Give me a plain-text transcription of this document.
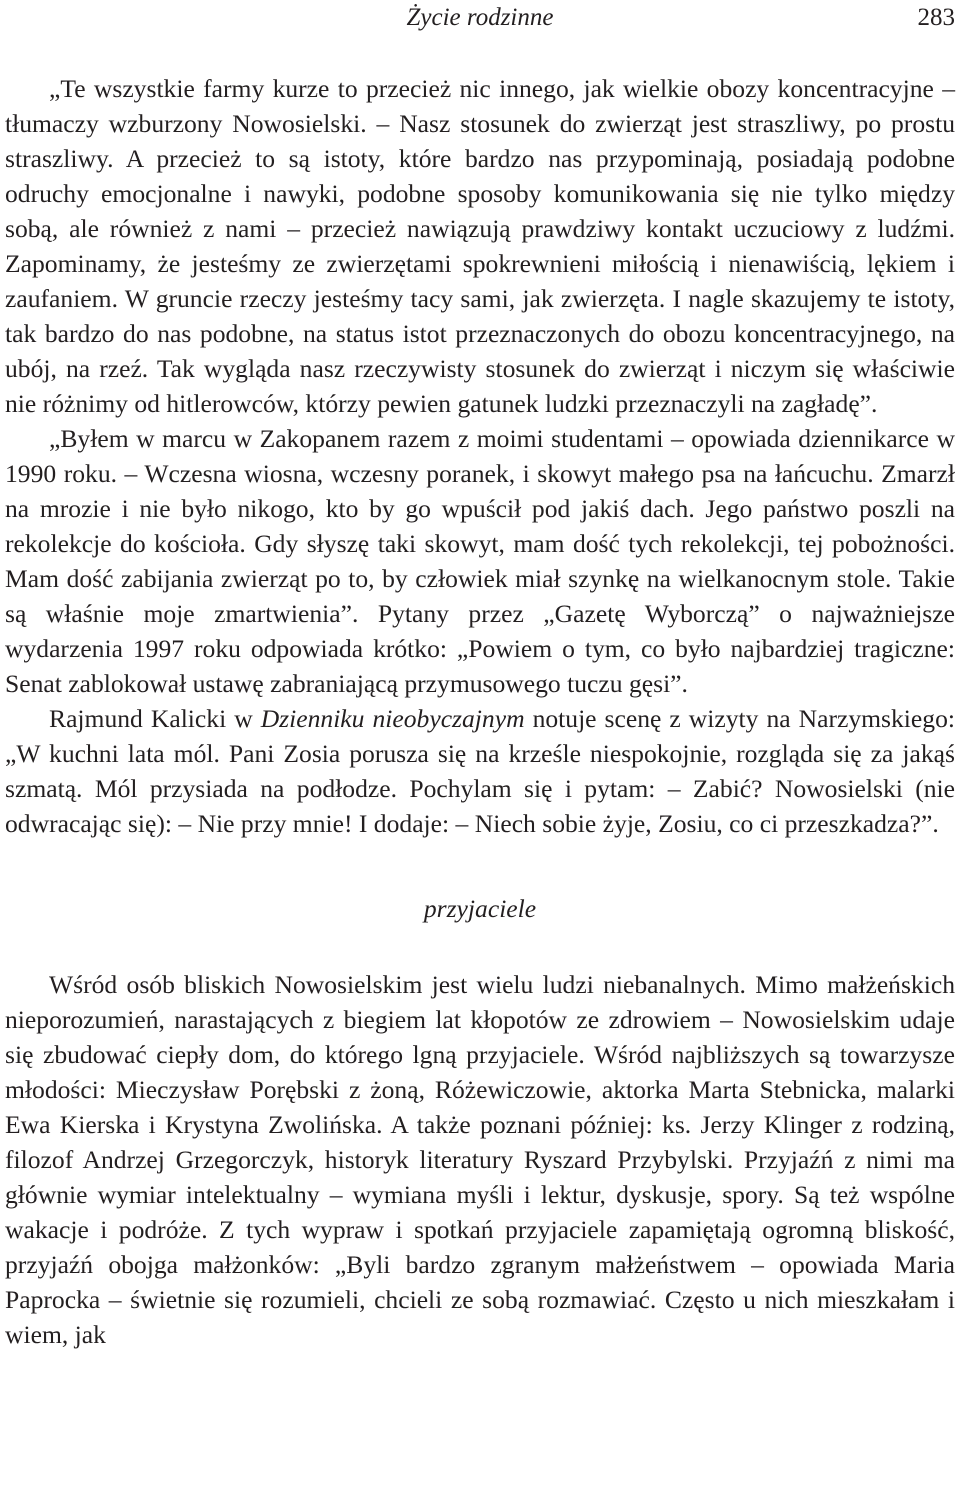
Życie rodzinne	283

„Te wszystkie farmy kurze to przecież nic innego, jak wielkie obozy koncentracyjne – tłumaczy wzburzony Nowosielski. – Nasz stosunek do zwierząt jest straszliwy, po prostu straszliwy. A przecież to są istoty, które bardzo nas przypominają, posiadają podobne odruchy emocjonalne i nawyki, podobne sposoby komunikowania się nie tylko między sobą, ale również z nami – przecież nawiązują prawdziwy kontakt uczuciowy z ludźmi. Zapominamy, że jesteśmy ze zwierzętami spokrewnieni miłością i nienawiścią, lękiem i zaufaniem. W gruncie rzeczy jesteśmy tacy sami, jak zwierzęta. I nagle skazujemy te istoty, tak bardzo do nas podobne, na status istot przeznaczonych do obozu koncentracyjnego, na ubój, na rzeź. Tak wygląda nasz rzeczywisty stosunek do zwierząt i niczym się właściwie nie różnimy od hitlerowców, którzy pewien gatunek ludzki przeznaczyli na zagładę”.

„Byłem w marcu w Zakopanem razem z moimi studentami – opowiada dziennikarce w 1990 roku. – Wczesna wiosna, wczesny poranek, i skowyt małego psa na łańcuchu. Zmarzł na mrozie i nie było nikogo, kto by go wpuścił pod jakiś dach. Jego państwo poszli na rekolekcje do kościoła. Gdy słyszę taki skowyt, mam dość tych rekolekcji, tej pobożności. Mam dość zabijania zwierząt po to, by człowiek miał szynkę na wielkanocnym stole. Takie są właśnie moje zmartwienia”. Pytany przez „Gazetę Wyborczą” o najważniejsze wydarzenia 1997 roku odpowiada krótko: „Powiem o tym, co było najbardziej tragiczne: Senat zablokował ustawę zabraniającą przymusowego tuczu gęsi”.

Rajmund Kalicki w Dzienniku nieobyczajnym notuje scenę z wizyty na Narzymskiego: „W kuchni lata mól. Pani Zosia porusza się na krześle niespokojnie, rozgląda się za jakąś szmatą. Mól przysiada na podłodze. Pochylam się i pytam: – Zabić? Nowosielski (nie odwracając się): – Nie przy mnie! I dodaje: – Niech sobie żyje, Zosiu, co ci przeszkadza?”.

przyjaciele

Wśród osób bliskich Nowosielskim jest wielu ludzi niebanalnych. Mimo małżeńskich nieporozumień, narastających z biegiem lat kłopotów ze zdrowiem – Nowosielskim udaje się zbudować ciepły dom, do którego lgną przyjaciele. Wśród najbliższych są towarzysze młodości: Mieczysław Porębski z żoną, Różewiczowie, aktorka Marta Stebnicka, malarki Ewa Kierska i Krystyna Zwolińska. A także poznani później: ks. Jerzy Klinger z rodziną, filozof Andrzej Grzegorczyk, historyk literatury Ryszard Przybylski. Przyjaźń z nimi ma głównie wymiar intelektualny – wymiana myśli i lektur, dyskusje, spory. Są też wspólne wakacje i podróże. Z tych wypraw i spotkań przyjaciele zapamiętają ogromną bliskość, przyjaźń obojga małżonków: „Byli bardzo zgranym małżeństwem – opowiada Maria Paprocka – świetnie się rozumieli, chcieli ze sobą rozmawiać. Często u nich mieszkałam i wiem, jak
